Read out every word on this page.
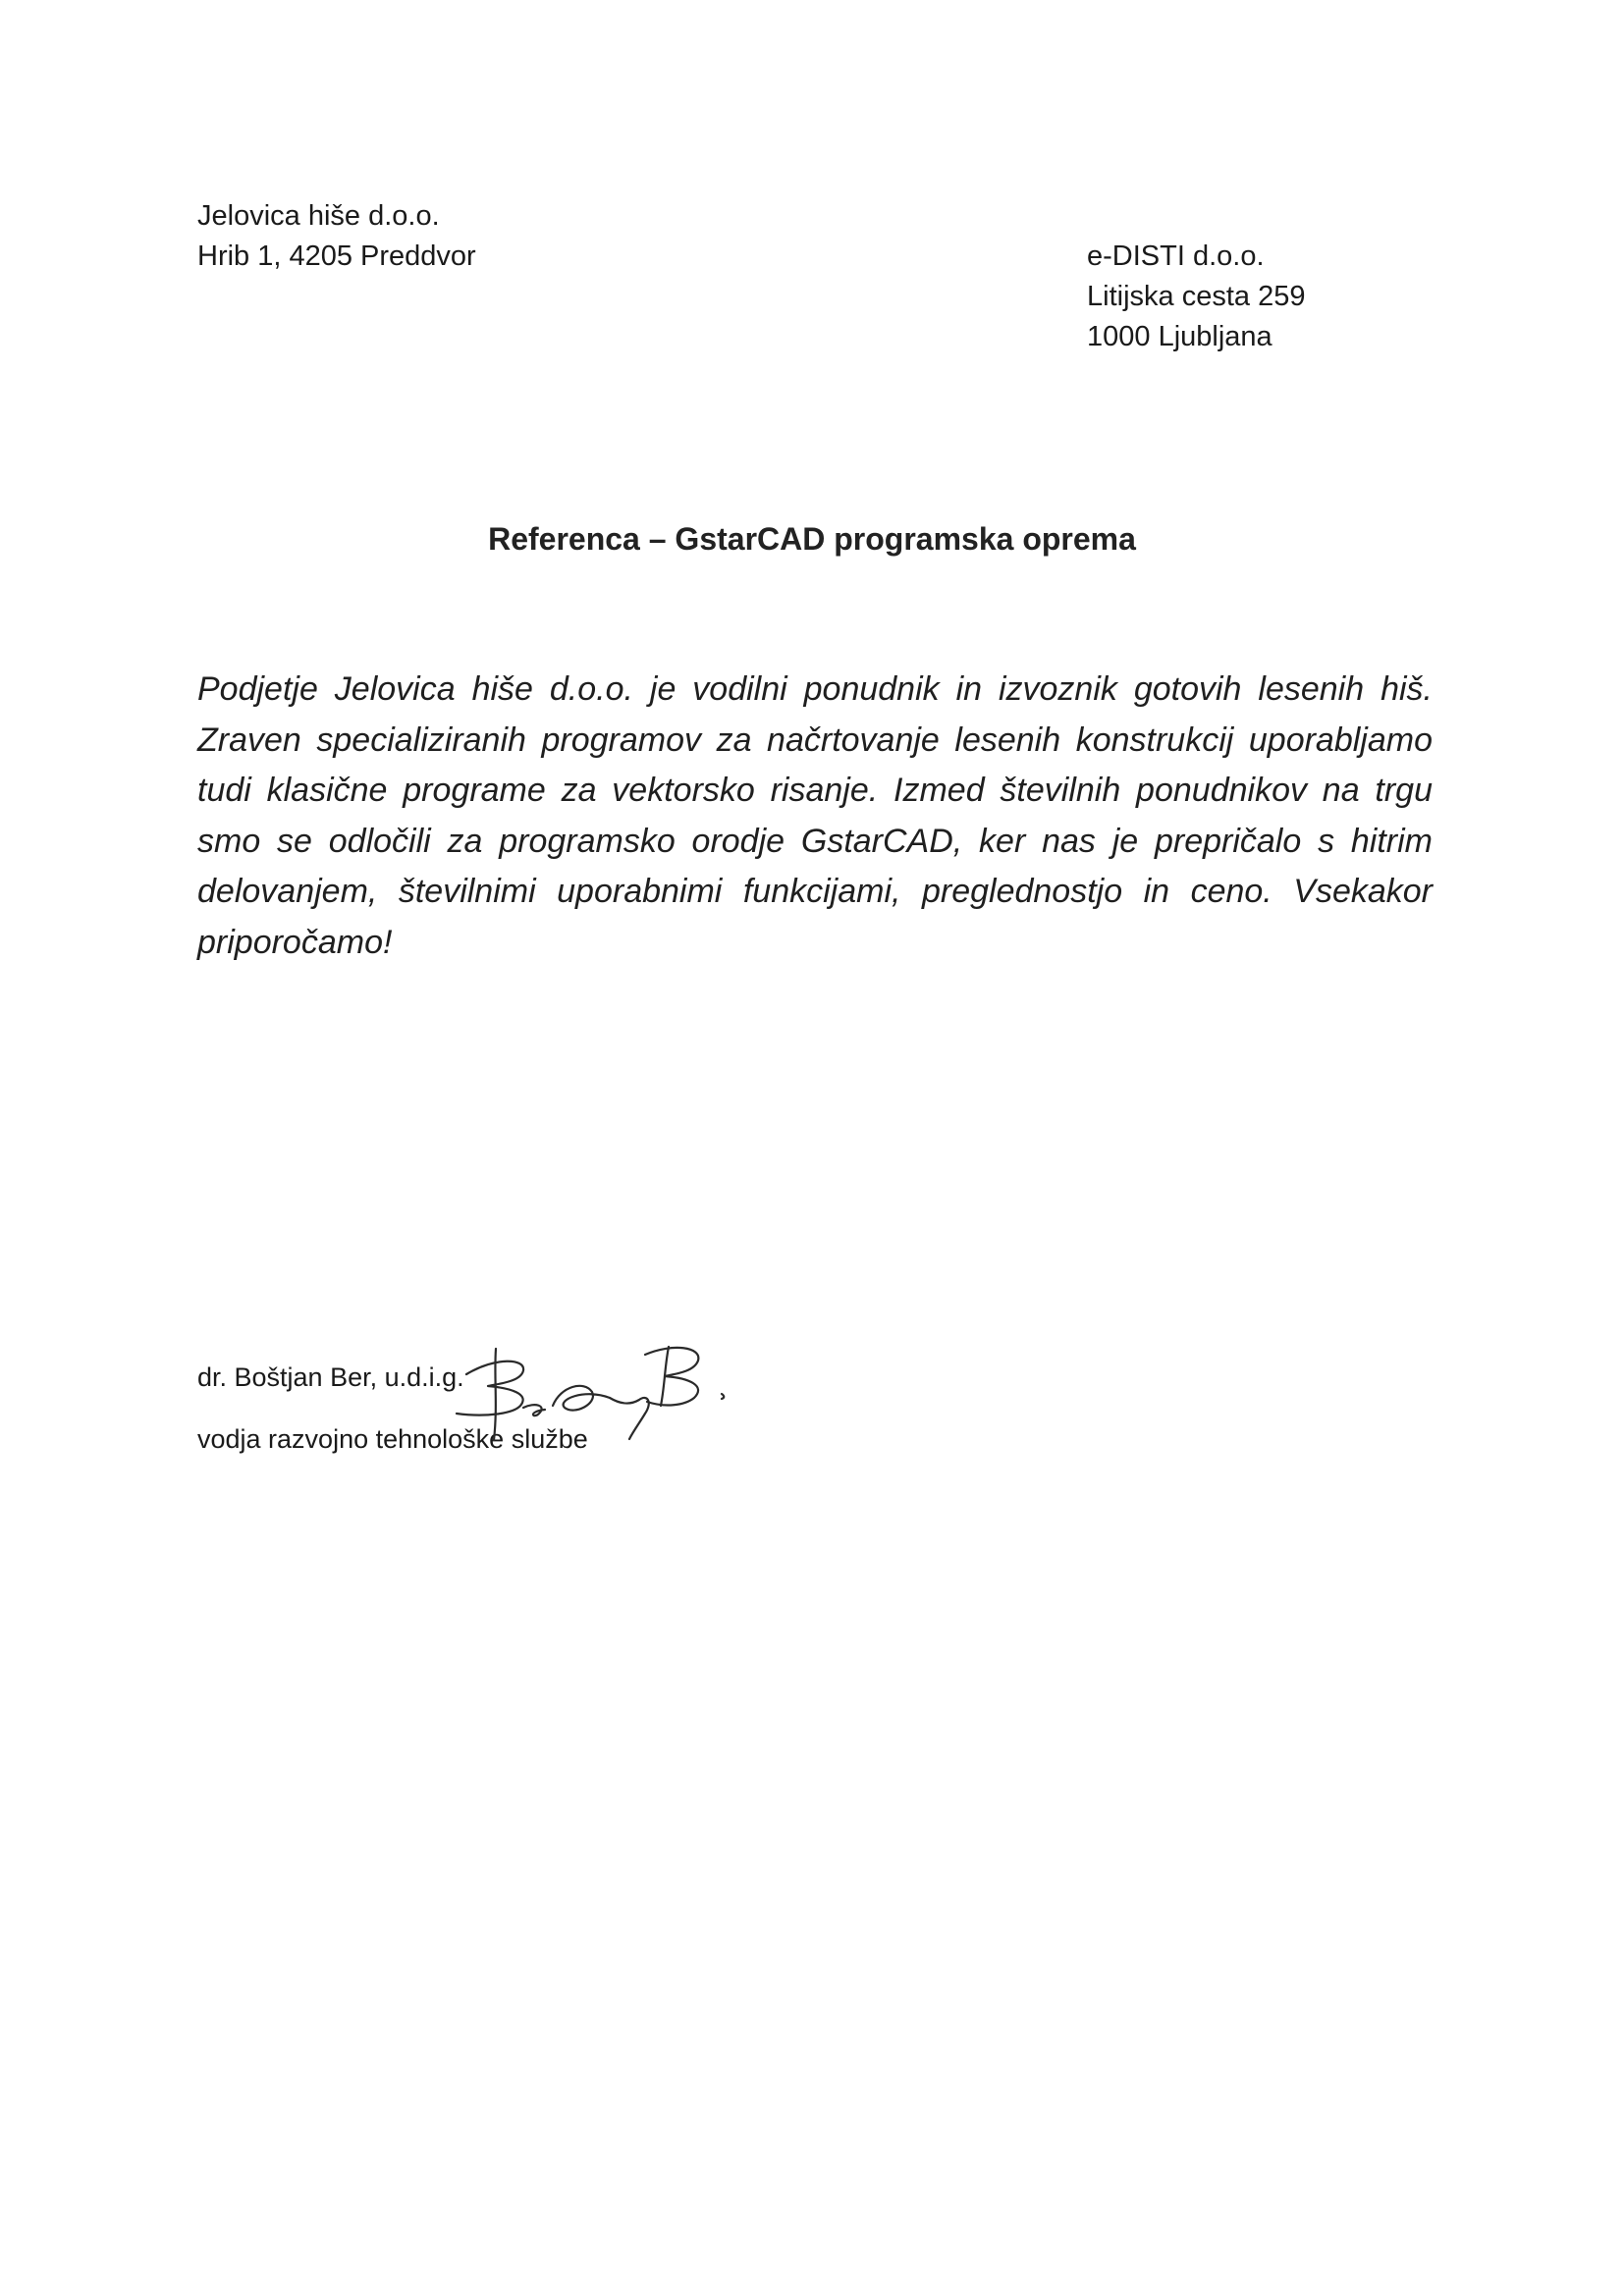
Jelovica hiše d.o.o.
Hrib 1, 4205 Preddvor	e-DISTI d.o.o.
Litijska cesta 259
1000 Ljubljana
Referenca – GstarCAD programska oprema
Podjetje Jelovica hiše d.o.o. je vodilni ponudnik in izvoznik gotovih lesenih hiš. Zraven specializiranih programov za načrtovanje lesenih konstrukcij uporabljamo tudi klasične programe za vektorsko risanje. Izmed številnih ponudnikov na trgu smo se odločili za programsko orodje GstarCAD, ker nas je prepričalo s hitrim delovanjem, številnimi uporabnimi funkcijami, preglednostjo in ceno. Vsekakor priporočamo!
dr. Boštjan Ber, u.d.i.g.
vodja razvojno tehnološke službe
